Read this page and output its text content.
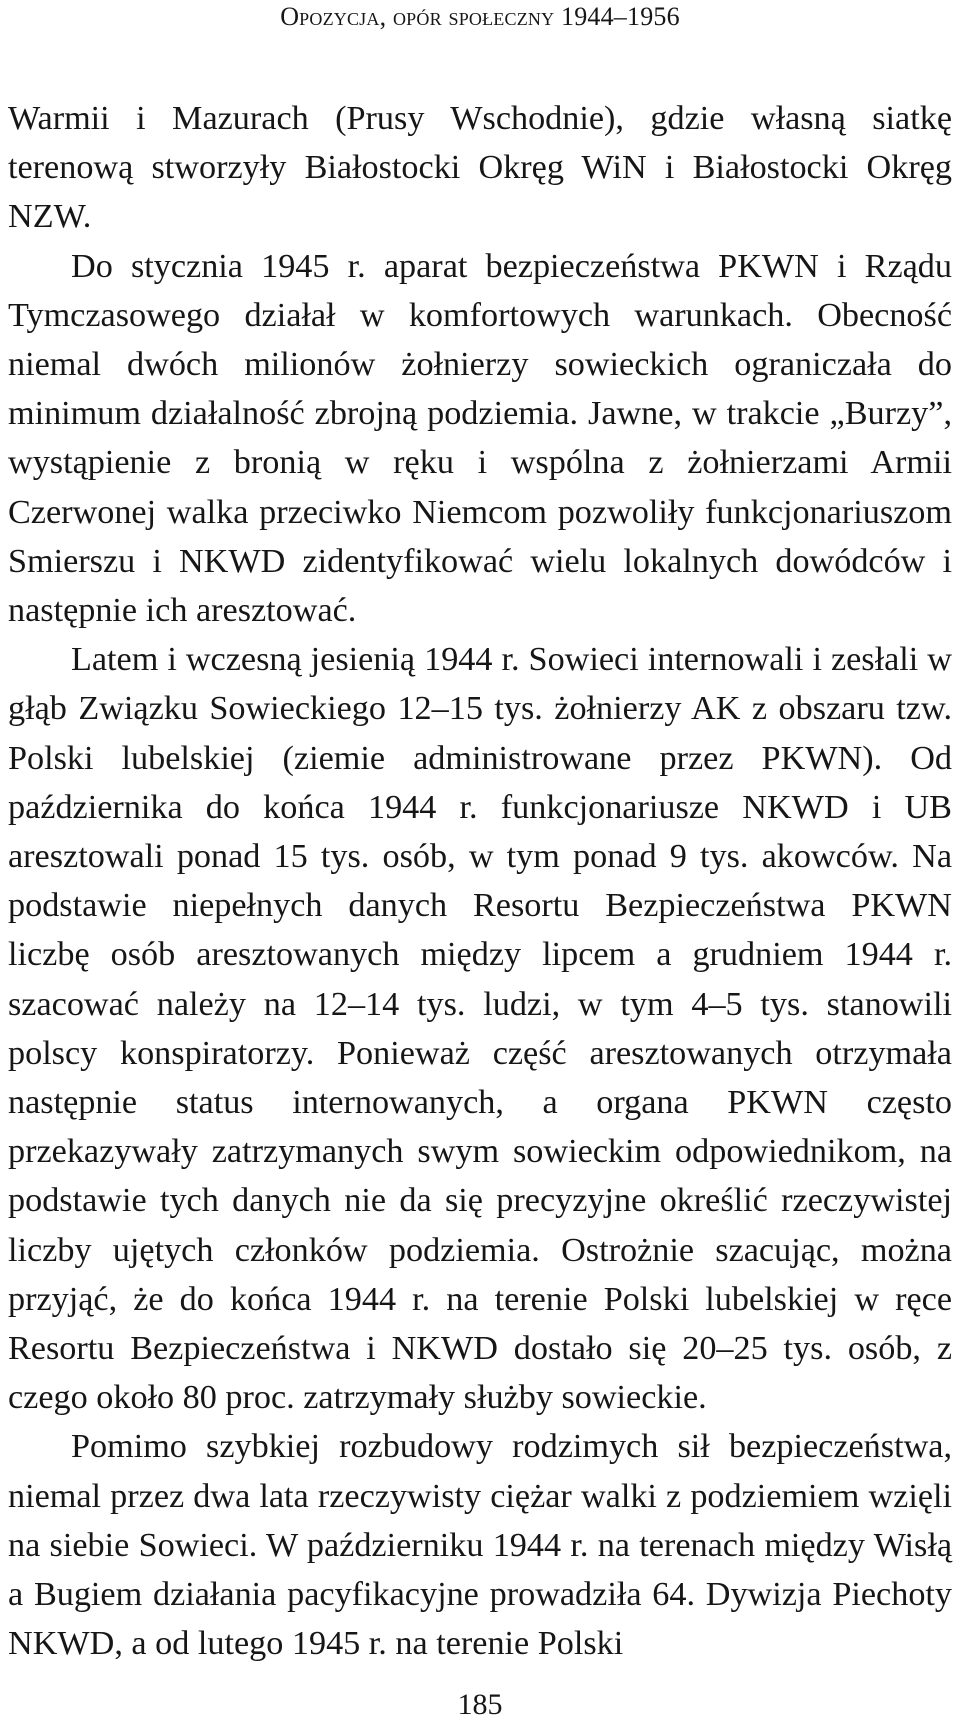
Opozycja, opór społeczny 1944–1956

Warmii i Mazurach (Prusy Wschodnie), gdzie własną siatkę terenową stworzyły Białostocki Okręg WiN i Białostocki Okręg NZW.

Do stycznia 1945 r. aparat bezpieczeństwa PKWN i Rządu Tymczasowego działał w komfortowych warunkach. Obecność niemal dwóch milionów żołnierzy sowieckich ograniczała do minimum działalność zbrojną podziemia. Jawne, w trakcie „Burzy”, wystąpienie z bronią w ręku i wspólna z żołnierzami Armii Czerwonej walka przeciwko Niemcom pozwoliły funkcjonariuszom Smierszu i NKWD zidentyfikować wielu lokalnych dowódców i następnie ich aresztować.

Latem i wczesną jesienią 1944 r. Sowieci internowali i zesłali w głąb Związku Sowieckiego 12–15 tys. żołnierzy AK z obszaru tzw. Polski lubelskiej (ziemie administrowane przez PKWN). Od października do końca 1944 r. funkcjonariusze NKWD i UB aresztowali ponad 15 tys. osób, w tym ponad 9 tys. akowców. Na podstawie niepełnych danych Resortu Bezpieczeństwa PKWN liczbę osób aresztowanych między lipcem a grudniem 1944 r. szacować należy na 12–14 tys. ludzi, w tym 4–5 tys. stanowili polscy konspiratorzy. Ponieważ część aresztowanych otrzymała następnie status internowanych, a organa PKWN często przekazywały zatrzymanych swym sowieckim odpowiednikom, na podstawie tych danych nie da się precyzyjne określić rzeczywistej liczby ujętych członków podziemia. Ostrożnie szacując, można przyjąć, że do końca 1944 r. na terenie Polski lubelskiej w ręce Resortu Bezpieczeństwa i NKWD dostało się 20–25 tys. osób, z czego około 80 proc. zatrzymały służby sowieckie.

Pomimo szybkiej rozbudowy rodzimych sił bezpieczeństwa, niemal przez dwa lata rzeczywisty ciężar walki z podziemiem wzięli na siebie Sowieci. W październiku 1944 r. na terenach między Wisłą a Bugiem działania pacyfikacyjne prowadziła 64. Dywizja Piechoty NKWD, a od lutego 1945 r. na terenie Polski

185
